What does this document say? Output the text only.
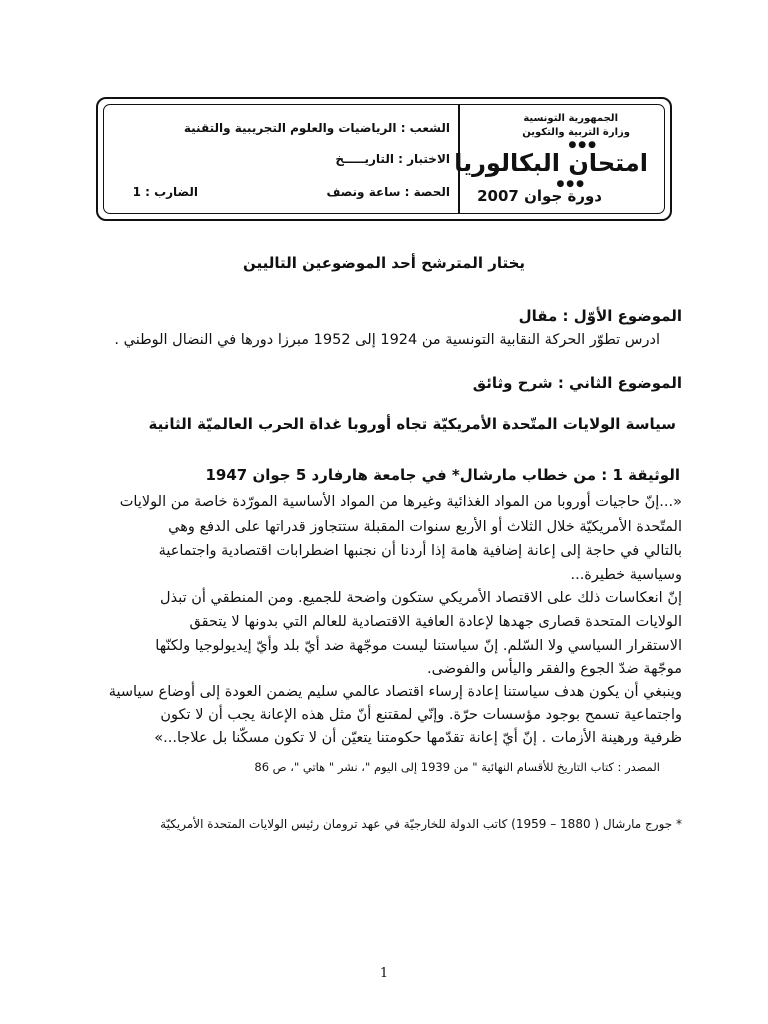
الجمهورية التونسية
وزارة التربية والتكوين
●●●
امتحان البكالوريا
●●●
دورة جوان 2007
الشعب : الرياضيات والعلوم التجريبية والتقنية
الاختبار : التاريـــــخ
الحصة : ساعة ونصف
الضارب : 1
يختار المترشح أحد الموضوعين التاليين
الموضوع الأوّل : مقال
ادرس تطوّر الحركة النقابية التونسية من 1924 إلى 1952 مبرزا دورها في النضال الوطني .
الموضوع الثاني : شرح وثائق
سياسة الولايات المتّحدة الأمريكيّة تجاه أوروبا غداة الحرب العالميّة الثانية
الوثيقة 1 : من خطاب مارشال* في جامعة هارفارد 5 جوان 1947
«...إنّ حاجيات أوروبا من المواد الغذائية وغيرها من المواد الأساسية المورّدة خاصة من الولايات
المتّحدة الأمريكيّة خلال الثلاث أو الأربع سنوات المقبلة ستتجاوز قدراتها على الدفع وهي
بالتالي في حاجة إلى إعانة إضافية هامة إذا أردنا أن نجنبها اضطرابات اقتصادية واجتماعية
وسياسية خطيرة...
إنّ انعكاسات ذلك على الاقتصاد الأمريكي ستكون واضحة للجميع. ومن المنطقي أن تبذل
الولايات المتحدة قصارى جهدها لإعادة العافية الاقتصادية للعالم التي بدونها لا يتحقق
الاستقرار السياسي ولا السّلم. إنّ سياستنا ليست موجّهة ضد أيّ بلد وأيّ إيديولوجيا ولكنّها
موجّهة ضدّ الجوع والفقر واليأس والفوضى.
وينبغي أن يكون هدف سياستنا إعادة إرساء اقتصاد عالمي سليم يضمن العودة إلى أوضاع سياسية
واجتماعية تسمح بوجود مؤسسات حرّة. وإنّي لمقتنع أنّ مثل هذه الإعانة يجب أن لا تكون
ظرفية ورهينة الأزمات . إنّ أيّ إعانة تقدّمها حكومتنا يتعيّن أن لا تكون مسكّنا بل علاجا...»
المصدر : كتاب التاريخ للأقسام النهائية " من 1939 إلى اليوم "، نشر " هاتي "، ص 86
* جورج مارشال ( 1880 – 1959) كاتب الدولة للخارجيّة في عهد ترومان رئيس الولايات المتحدة الأمريكيّة
1
